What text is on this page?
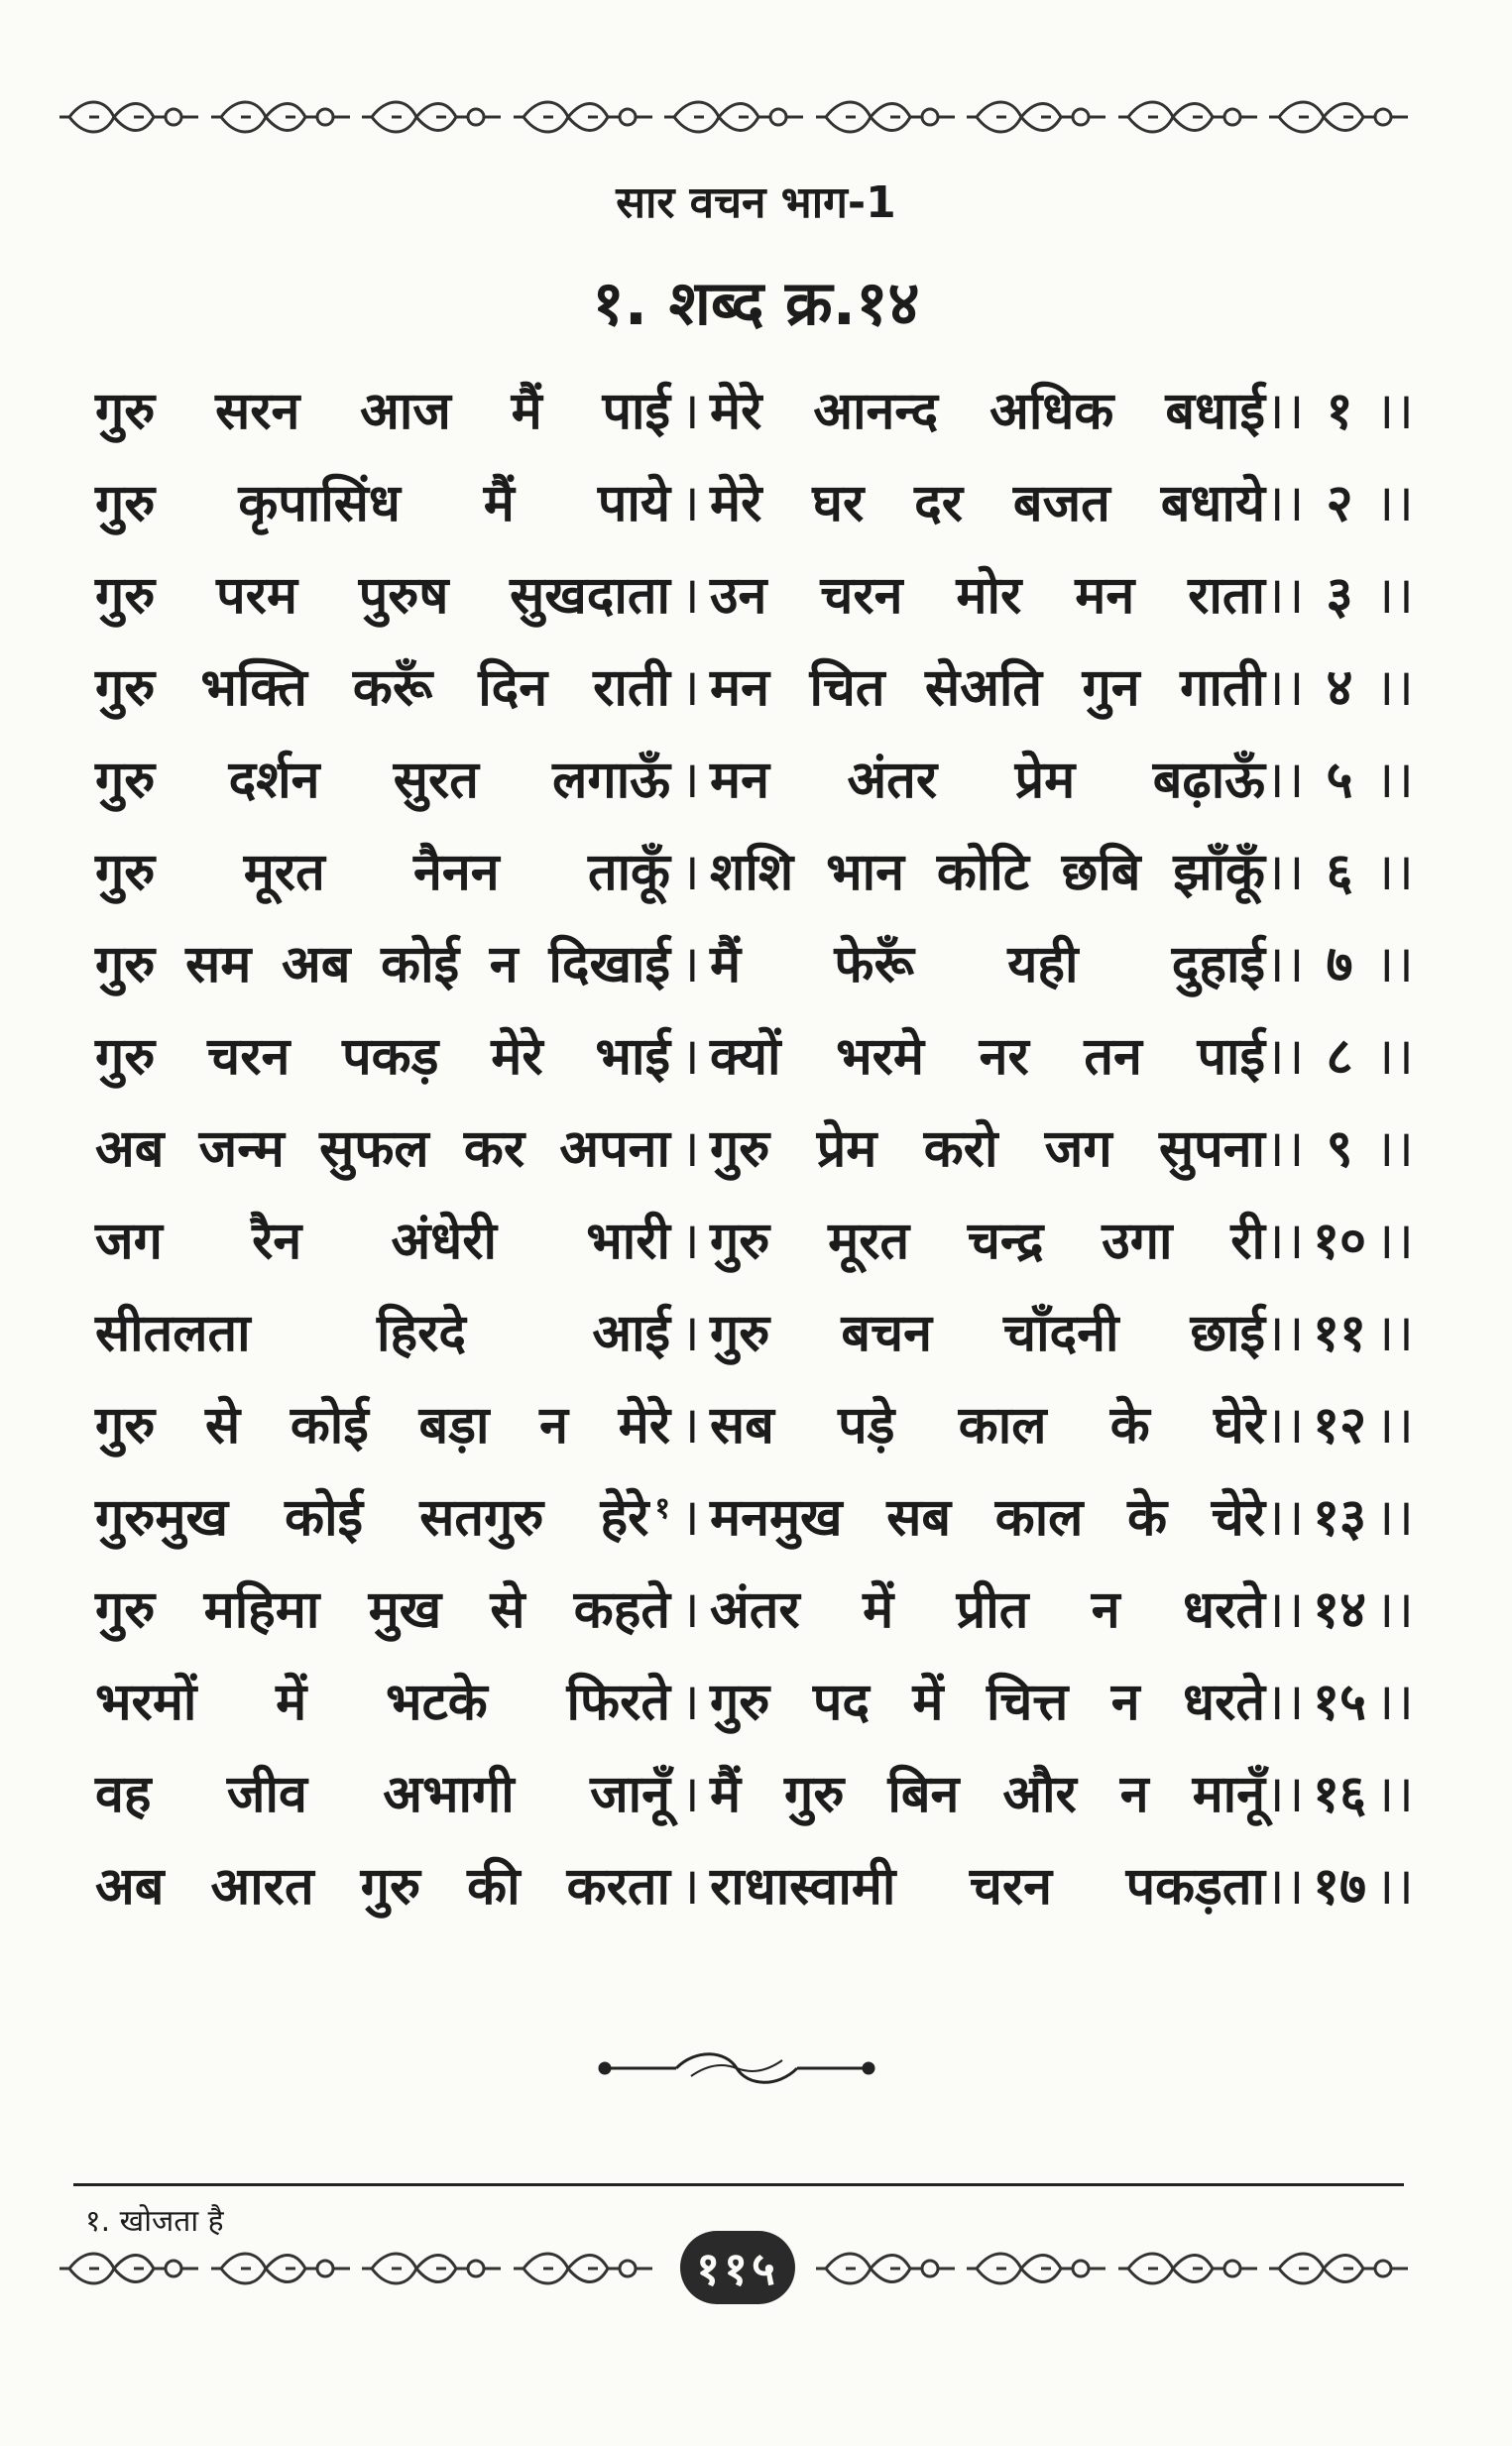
सार वचन भाग-1
१. शब्द क्र.१४
गुरु सरन आज मैं पाई । मेरे आनन्द अधिक बधाई ।। १ ।।
गुरु कृपासिंध मैं पाये । मेरे घर दर बजत बधाये ।। २ ।।
गुरु परम पुरुष सुखदाता । उन चरन मोर मन राता ।। ३ ।।
गुरु भक्ति करूँ दिन राती । मन चित सेअति गुन गाती ।। ४ ।।
गुरु दर्शन सुरत लगाऊँ । मन अंतर प्रेम बढ़ाऊँ ।। ५ ।।
गुरु मूरत नैनन ताकूँ । शशि भान कोटि छबि झाँकूँ ।। ६ ।।
गुरु सम अब कोई न दिखाई । मैं फेरूँ यही दुहाई ।। ७ ।।
गुरु चरन पकड़ मेरे भाई । क्यों भरमे नर तन पाई ।। ८ ।।
अब जन्म सुफल कर अपना । गुरु प्रेम करो जग सुपना ।। ९ ।।
जग रैन अंधेरी भारी । गुरु मूरत चन्द्र उगा री ।। १० ।।
सीतलता हिरदे आई । गुरु बचन चाँदनी छाई ।। ११ ।।
गुरु से कोई बड़ा न मेरे । सब पड़े काल के घेरे ।। १२ ।।
गुरुमुख कोई सतगुरु हेरे १ । मनमुख सब काल के चेरे ।। १३ ।।
गुरु महिमा मुख से कहते । अंतर में प्रीत न धरते ।। १४ ।।
भरमों में भटके फिरते । गुरु पद में चित्त न धरते ।। १५ ।।
वह जीव अभागी जानूँ । मैं गुरु बिन और न मानूँ ।। १६ ।।
अब आरत गुरु की करता । राधास्वामी चरन पकड़ता ।। १७ ।।
१. खोजता है
११५
